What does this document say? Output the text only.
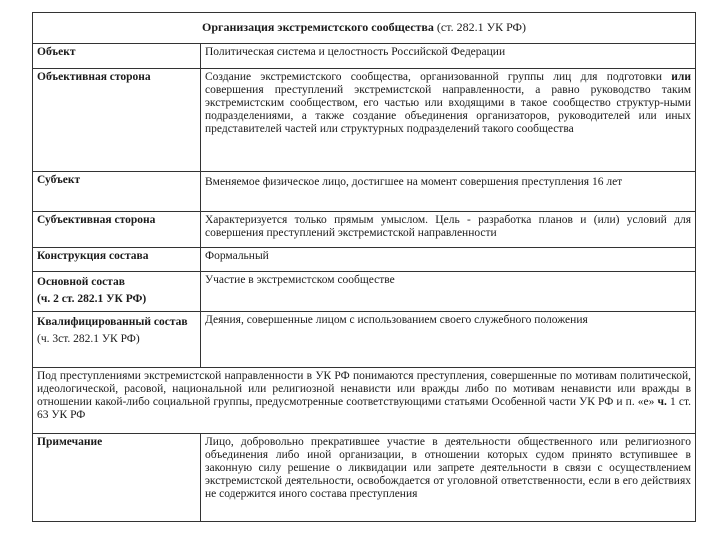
Организация экстремистского сообщества (ст. 282.1 УК РФ)	
Объект	Политическая система и целостность Российской Федерации
Объективная сторона	Создание экстремистского сообщества, организованной группы лиц для подготовки или совершения преступлений экстремистской направленности, а равно руководство таким экстремистским сообществом, его частью или входящими в такое сообщество структур-ными подразделениями, а также создание объединения организаторов, руководителей или иных представителей частей или структурных подразделений такого сообщества
Субъект	Вменяемое физическое лицо, достигшее на момент совершения преступления 16 лет
Субъективная сторона	Характеризуется только прямым умыслом. Цель - разработка планов и (или) условий для совершения преступлений экстремистской направленности
Конструкция состава	Формальный
Основной состав
(ч. 2 ст. 282.1 УК РФ)	Участие в экстремистском сообществе
Квалифицированный состав
(ч. 3ст. 282.1 УК РФ)	Деяния, совершенные лицом с использованием своего служебного положения
Под преступлениями экстремистской направленности в УК РФ понимаются преступления, совершенные по мотивам политической, идеологической, расовой, национальной или религиозной ненависти или вражды либо по мотивам ненависти или вражды в отношении какой-либо социальной группы, предусмотренные соответствующими статьями Особенной части УК РФ и п. «е» ч. 1 ст. 63 УК РФ	
Примечание	Лицо, добровольно прекратившее участие в деятельности общественного или религиозного объединения либо иной организации, в отношении которых судом принято вступившее в законную силу решение о ликвидации или запрете деятельности в связи с осуществлением экстремистской деятельности, освобождается от уголовной ответственности, если в его действиях не содержится иного состава преступления
